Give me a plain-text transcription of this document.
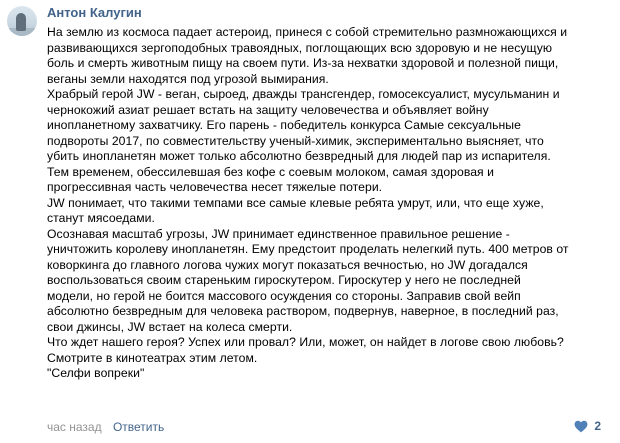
Антон Калугин
На землю из космоса падает астероид, принеся с собой стремительно размножающихся и
развивающихся зергоподобных травоядных, поглощающих всю здоровую и не несущую
боль и смерть животным пищу на своем пути. Из-за нехватки здоровой и полезной пищи,
веганы земли находятся под угрозой вымирания.
Храбрый герой JW - веган, сыроед, дважды трансгендер, гомосексуалист, мусульманин и
чернокожий азиат решает встать на защиту человечества и объявляет войну
инопланетному захватчику. Его парень - победитель конкурса Самые сексуальные
подвороты 2017, по совместительству ученый-химик, экспериментально выясняет, что
убить инопланетян может только абсолютно безвредный для людей пар из испарителя.
Тем временем, обессилевшая без кофе с соевым молоком, самая здоровая и
прогрессивная часть человечества несет тяжелые потери.
JW понимает, что такими темпами все самые клевые ребята умрут, или, что еще хуже,
станут мясоедами.
Осознавая масштаб угрозы, JW принимает единственное правильное решение -
уничтожить королеву инопланетян. Ему предстоит проделать нелегкий путь. 400 метров от
коворкинга до главного логова чужих могут показаться вечностью, но JW догадался
воспользоваться своим стареньким гироскутером. Гироскутер у него не последней
модели, но герой не боится массового осуждения со стороны. Заправив свой вейп
абсолютно безвредным для человека раствором, подвернув, наверное, в последний раз,
свои джинсы, JW встает на колеса смерти.
Что ждет нашего героя? Успех или провал? Или, может, он найдет в логове свою любовь?
Смотрите в кинотеатрах этим летом.
"Селфи вопреки"
час назад Ответить	2
